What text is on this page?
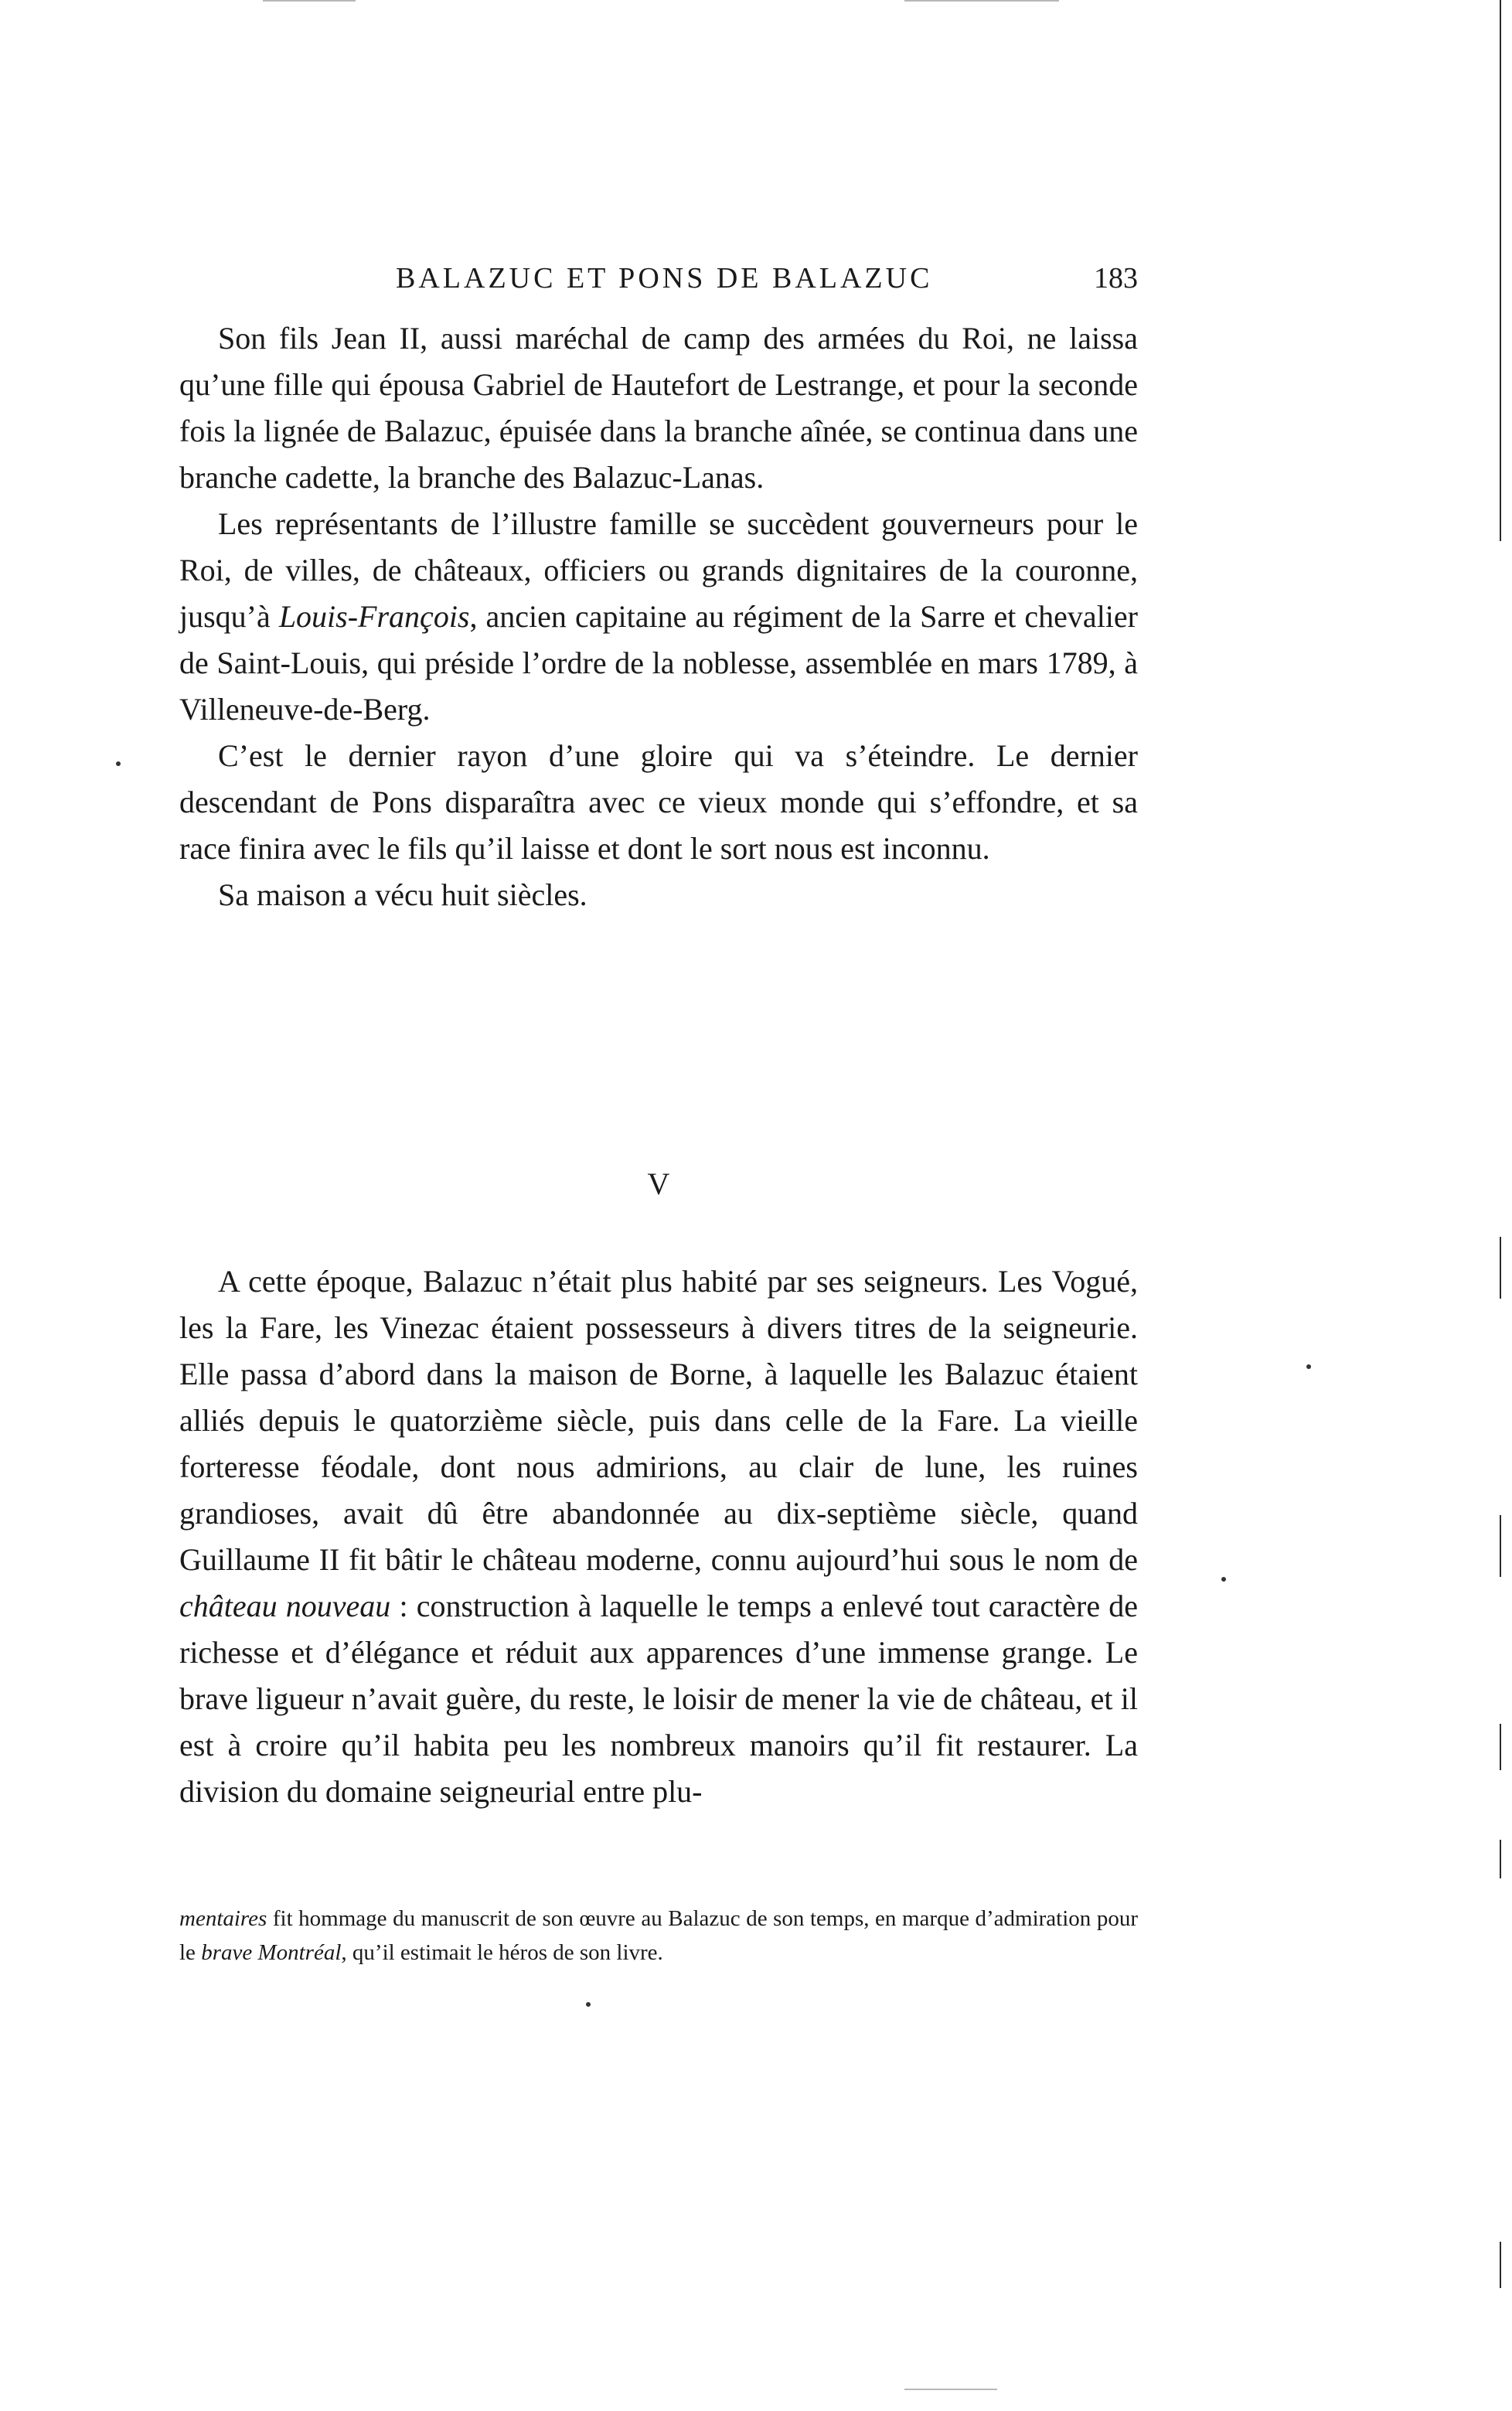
BALAZUC ET PONS DE BALAZUC	183

Son fils Jean II, aussi maréchal de camp des armées du Roi, ne laissa qu’une fille qui épousa Gabriel de Hautefort de Lestrange, et pour la seconde fois la lignée de Balazuc, épuisée dans la branche aînée, se continua dans une branche cadette, la branche des Balazuc-Lanas.

Les représentants de l’illustre famille se succèdent gouverneurs pour le Roi, de villes, de châteaux, officiers ou grands dignitaires de la couronne, jusqu’à Louis-François, ancien capitaine au régiment de la Sarre et chevalier de Saint-Louis, qui préside l’ordre de la noblesse, assemblée en mars 1789, à Villeneuve-de-Berg.

C’est le dernier rayon d’une gloire qui va s’éteindre. Le dernier descendant de Pons disparaîtra avec ce vieux monde qui s’effondre, et sa race finira avec le fils qu’il laisse et dont le sort nous est inconnu.

Sa maison a vécu huit siècles.

V

A cette époque, Balazuc n’était plus habité par ses seigneurs. Les Vogué, les la Fare, les Vinezac étaient possesseurs à divers titres de la seigneurie. Elle passa d’abord dans la maison de Borne, à laquelle les Balazuc étaient alliés depuis le quatorzième siècle, puis dans celle de la Fare. La vieille forteresse féodale, dont nous admirions, au clair de lune, les ruines grandioses, avait dû être abandonnée au dix-septième siècle, quand Guillaume II fit bâtir le château moderne, connu aujourd’hui sous le nom de château nouveau : construction à laquelle le temps a enlevé tout caractère de richesse et d’élégance et réduit aux apparences d’une immense grange. Le brave ligueur n’avait guère, du reste, le loisir de mener la vie de château, et il est à croire qu’il habita peu les nombreux manoirs qu’il fit restaurer. La division du domaine seigneurial entre plu-

mentaires fit hommage du manuscrit de son œuvre au Balazuc de son temps, en marque d’admiration pour le brave Montréal, qu’il estimait le héros de son livre.
